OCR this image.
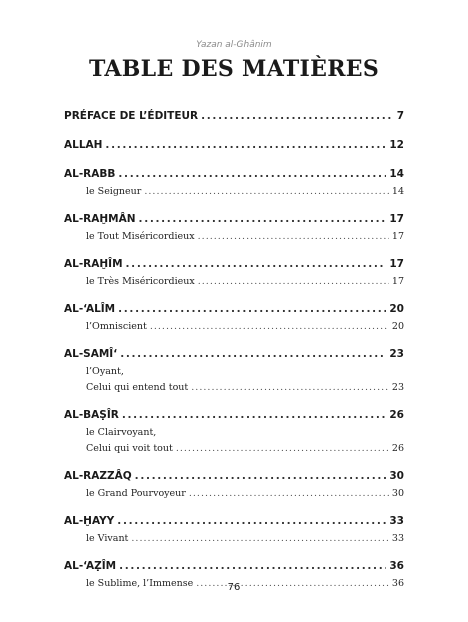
Yazan al-Ghânim
TABLE DES MATIÈRES
PRÉFACE DE L’ÉDITEUR . . .	7
ALLAH . . .	12
AL-RABB . . .	14
le Seigneur . . .	14
AL-RAḪMÂN . . .	17
le Tout Miséricordieux . . .	17
AL-RAḪÎM . . .	17
le Très Miséricordieux . . .	17
AL-‘ALÎM . . .	20
l’Omniscient . . .	20
AL-SAMÎ‘ . . .	23
l’Oyant,
Celui qui entend tout . . .	23
AL-BAṢÎR . . .	26
le Clairvoyant,
Celui qui voit tout . . .	26
AL-RAZZÂQ . . .	30
le Grand Pourvoyeur . . .	30
AL-ḪAYY . . .	33
le Vivant . . .	33
AL-‘AẒÎM . . .	36
le Sublime, l’Immense . . .	36
76
